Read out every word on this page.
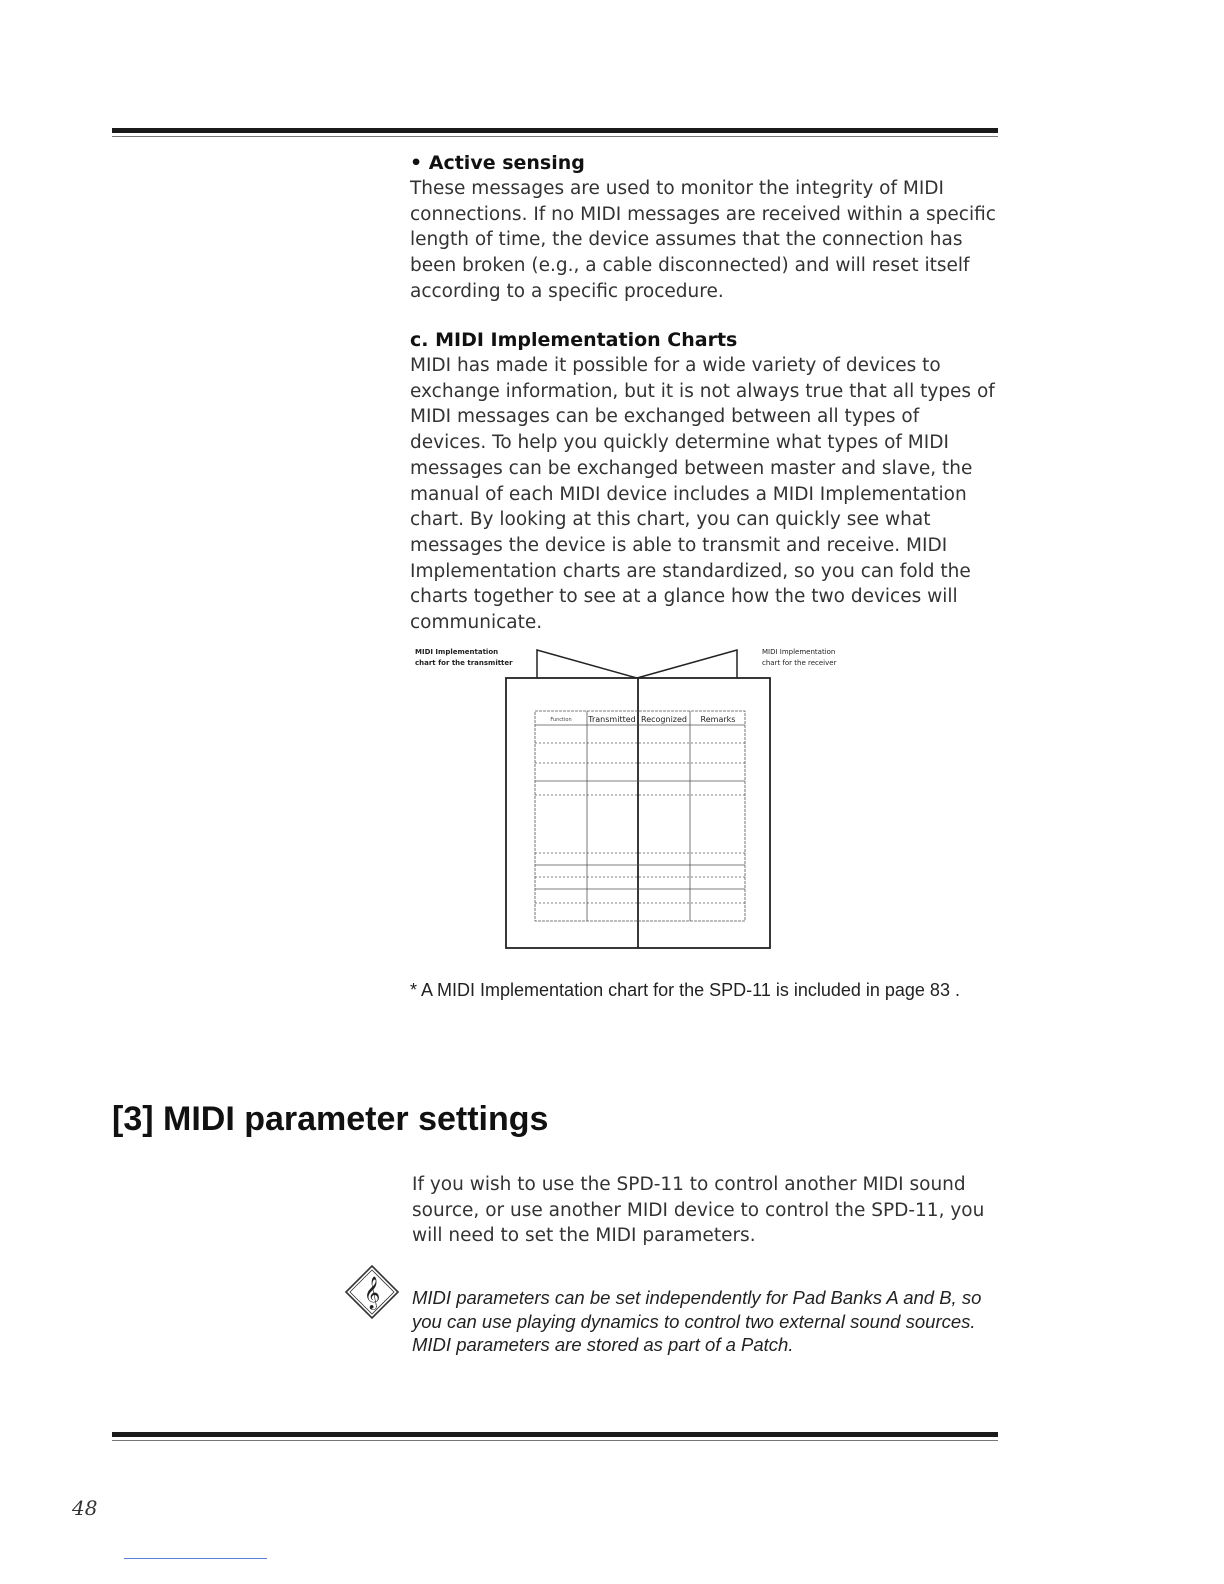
• Active sensing

These messages are used to monitor the integrity of MIDI connections. If no MIDI messages are received within a specific length of time, the device assumes that the connection has been broken (e.g., a cable disconnected) and will reset itself according to a specific procedure.

c. MIDI Implementation Charts

MIDI has made it possible for a wide variety of devices to exchange information, but it is not always true that all types of MIDI messages can be exchanged between all types of devices. To help you quickly determine what types of MIDI messages can be exchanged between master and slave, the manual of each MIDI device includes a MIDI Implementation chart. By looking at this chart, you can quickly see what messages the device is able to transmit and receive. MIDI Implementation charts are standardized, so you can fold the charts together to see at a glance how the two devices will communicate.

MIDI Implementation
chart for the transmitter
MIDI Implementation
chart for the receiver
Function Transmitted Recognized Remarks
* A MIDI Implementation chart for the SPD-11 is included in page 83 .
[3] MIDI parameter settings

If you wish to use the SPD-11 to control another MIDI sound source, or use another MIDI device to control the SPD-11, you will need to set the MIDI parameters.

𝄞 MIDI parameters can be set independently for Pad Banks A and B, so you can use playing dynamics to control two external sound sources. MIDI parameters are stored as part of a Patch.

48
